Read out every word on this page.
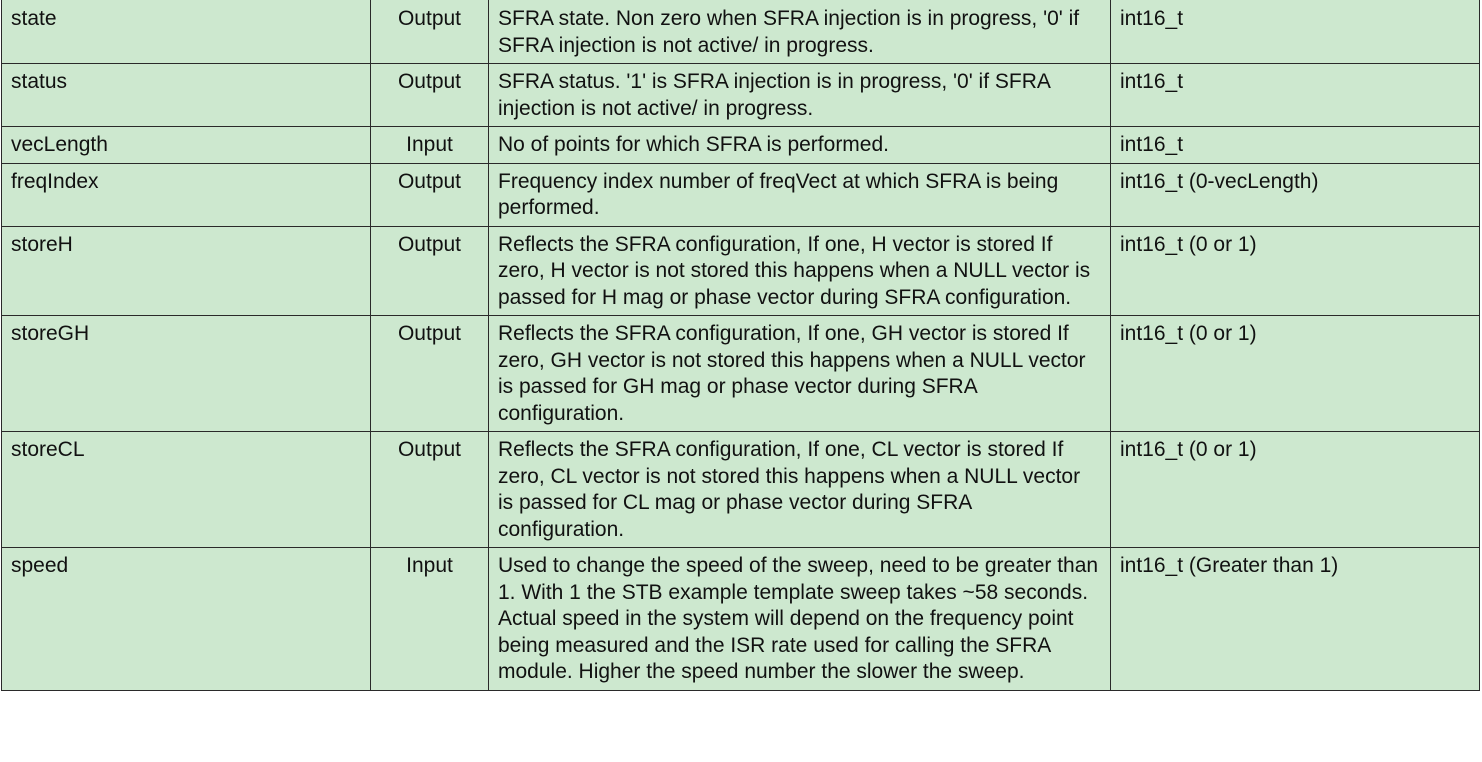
state	Output	SFRA state. Non zero when SFRA injection is in progress, '0' if SFRA injection is not active/ in progress.	int16_t
status	Output	SFRA status. '1' is SFRA injection is in progress, '0' if SFRA injection is not active/ in progress.	int16_t
vecLength	Input	No of points for which SFRA is performed.	int16_t
freqIndex	Output	Frequency index number of freqVect at which SFRA is being performed.	int16_t (0-vecLength)
storeH	Output	Reflects the SFRA configuration, If one, H vector is stored If zero, H vector is not stored this happens when a NULL vector is passed for H mag or phase vector during SFRA configuration.	int16_t (0 or 1)
storeGH	Output	Reflects the SFRA configuration, If one, GH vector is stored If zero, GH vector is not stored this happens when a NULL vector is passed for GH mag or phase vector during SFRA configuration.	int16_t (0 or 1)
storeCL	Output	Reflects the SFRA configuration, If one, CL vector is stored If zero, CL vector is not stored this happens when a NULL vector is passed for CL mag or phase vector during SFRA configuration.	int16_t (0 or 1)
speed	Input	Used to change the speed of the sweep, need to be greater than 1. With 1 the STB example template sweep takes ~58 seconds. Actual speed in the system will depend on the frequency point being measured and the ISR rate used for calling the SFRA module. Higher the speed number the slower the sweep.	int16_t (Greater than 1)
